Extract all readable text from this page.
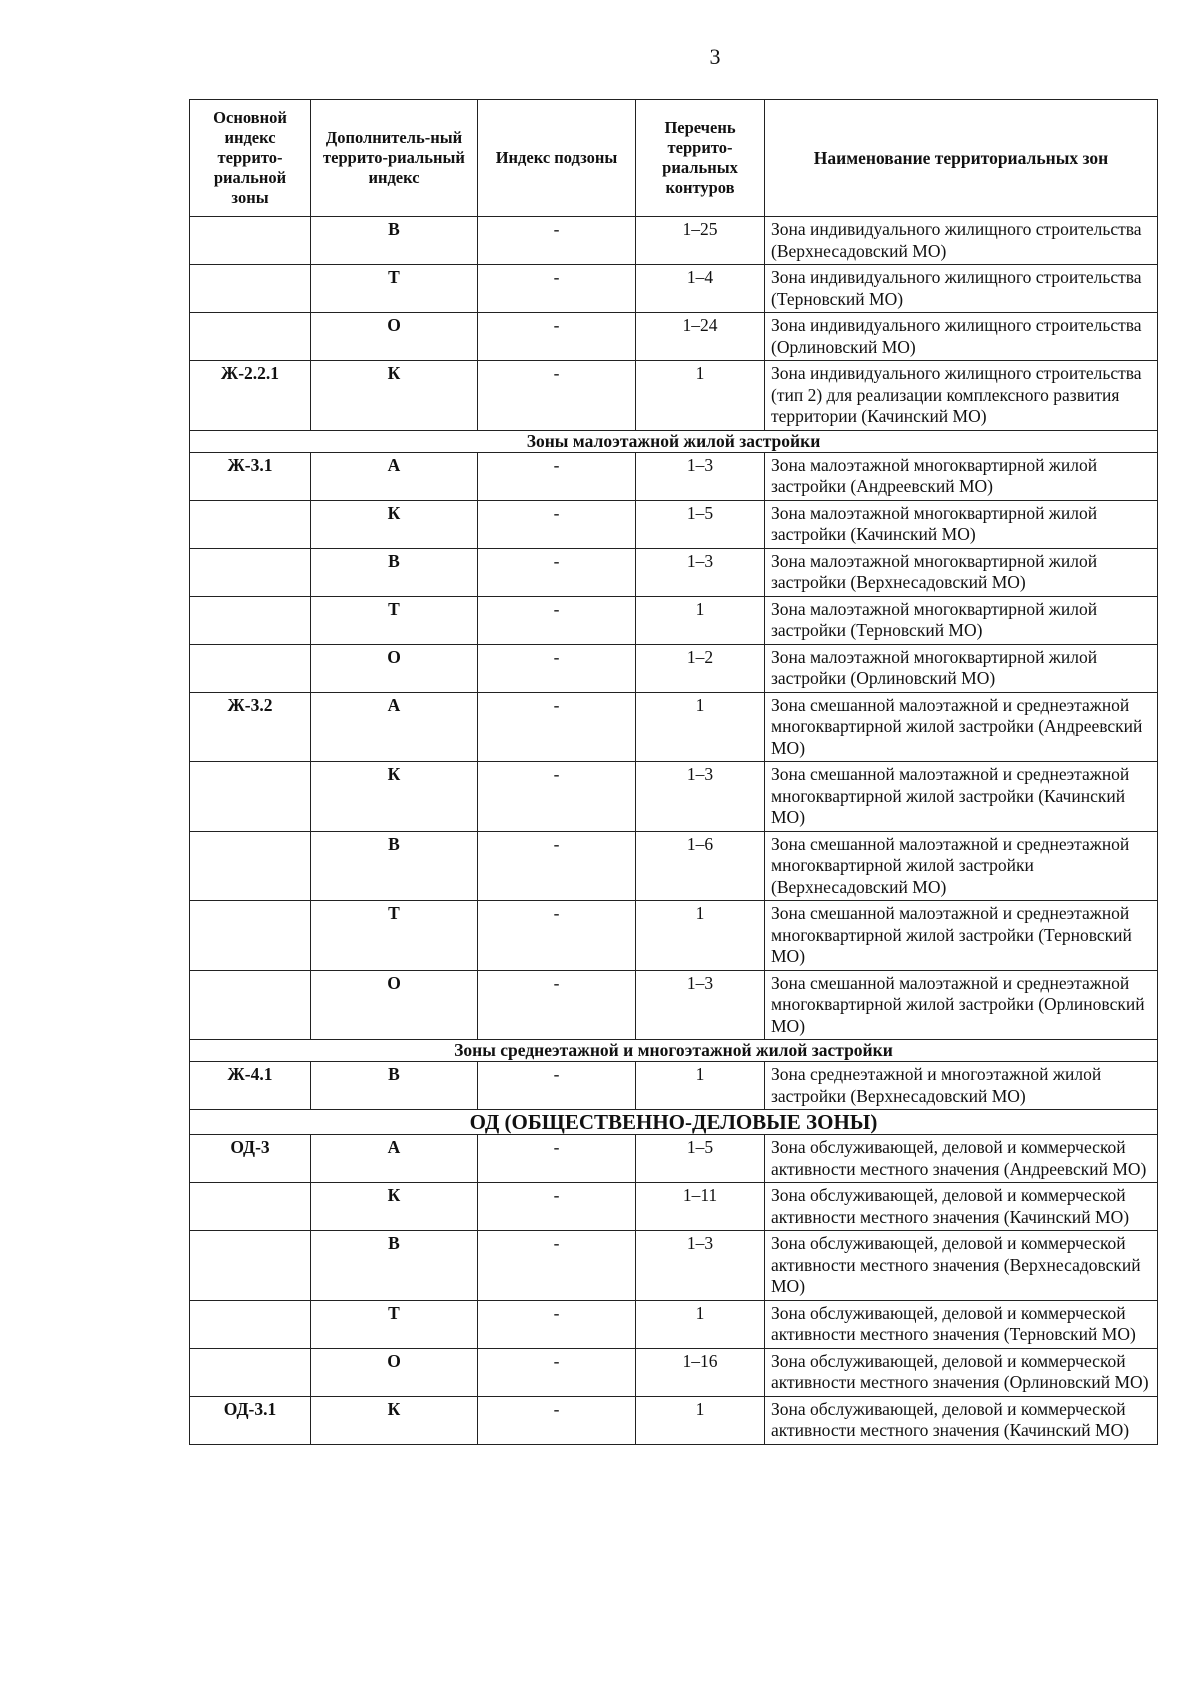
3
Основной индекс террито-риальной зоны	Дополнитель-ный террито-риальный индекс	Индекс подзоны	Перечень террито-риальных контуров	Наименование территориальных зон
	В	-	1–25	Зона индивидуального жилищного строительства (Верхнесадовский МО)
	Т	-	1–4	Зона индивидуального жилищного строительства (Терновский МО)
	О	-	1–24	Зона индивидуального жилищного строительства (Орлиновский МО)
Ж-2.2.1	К	-	1	Зона индивидуального жилищного строительства (тип 2) для реализации комплексного развития территории (Качинский МО)
Зоны малоэтажной жилой застройки				
Ж-3.1	А	-	1–3	Зона малоэтажной многоквартирной жилой застройки (Андреевский МО)
	К	-	1–5	Зона малоэтажной многоквартирной жилой застройки (Качинский МО)
	В	-	1–3	Зона малоэтажной многоквартирной жилой застройки (Верхнесадовский МО)
	Т	-	1	Зона малоэтажной многоквартирной жилой застройки (Терновский МО)
	О	-	1–2	Зона малоэтажной многоквартирной жилой застройки (Орлиновский МО)
Ж-3.2	А	-	1	Зона смешанной малоэтажной и среднеэтажной многоквартирной жилой застройки (Андреевский МО)
	К	-	1–3	Зона смешанной малоэтажной и среднеэтажной многоквартирной жилой застройки (Качинский МО)
	В	-	1–6	Зона смешанной малоэтажной и среднеэтажной многоквартирной жилой застройки (Верхнесадовский МО)
	Т	-	1	Зона смешанной малоэтажной и среднеэтажной многоквартирной жилой застройки (Терновский МО)
	О	-	1–3	Зона смешанной малоэтажной и среднеэтажной многоквартирной жилой застройки (Орлиновский МО)
Зоны среднеэтажной и многоэтажной жилой застройки				
Ж-4.1	В	-	1	Зона среднеэтажной и многоэтажной жилой застройки (Верхнесадовский МО)
ОД (ОБЩЕСТВЕННО-ДЕЛОВЫЕ ЗОНЫ)				
ОД-3	А	-	1–5	Зона обслуживающей, деловой и коммерческой активности местного значения (Андреевский МО)
	К	-	1–11	Зона обслуживающей, деловой и коммерческой активности местного значения (Качинский МО)
	В	-	1–3	Зона обслуживающей, деловой и коммерческой активности местного значения (Верхнесадовский МО)
	Т	-	1	Зона обслуживающей, деловой и коммерческой активности местного значения (Терновский МО)
	О	-	1–16	Зона обслуживающей, деловой и коммерческой активности местного значения (Орлиновский МО)
ОД-3.1	К	-	1	Зона обслуживающей, деловой и коммерческой активности местного значения (Качинский МО)
